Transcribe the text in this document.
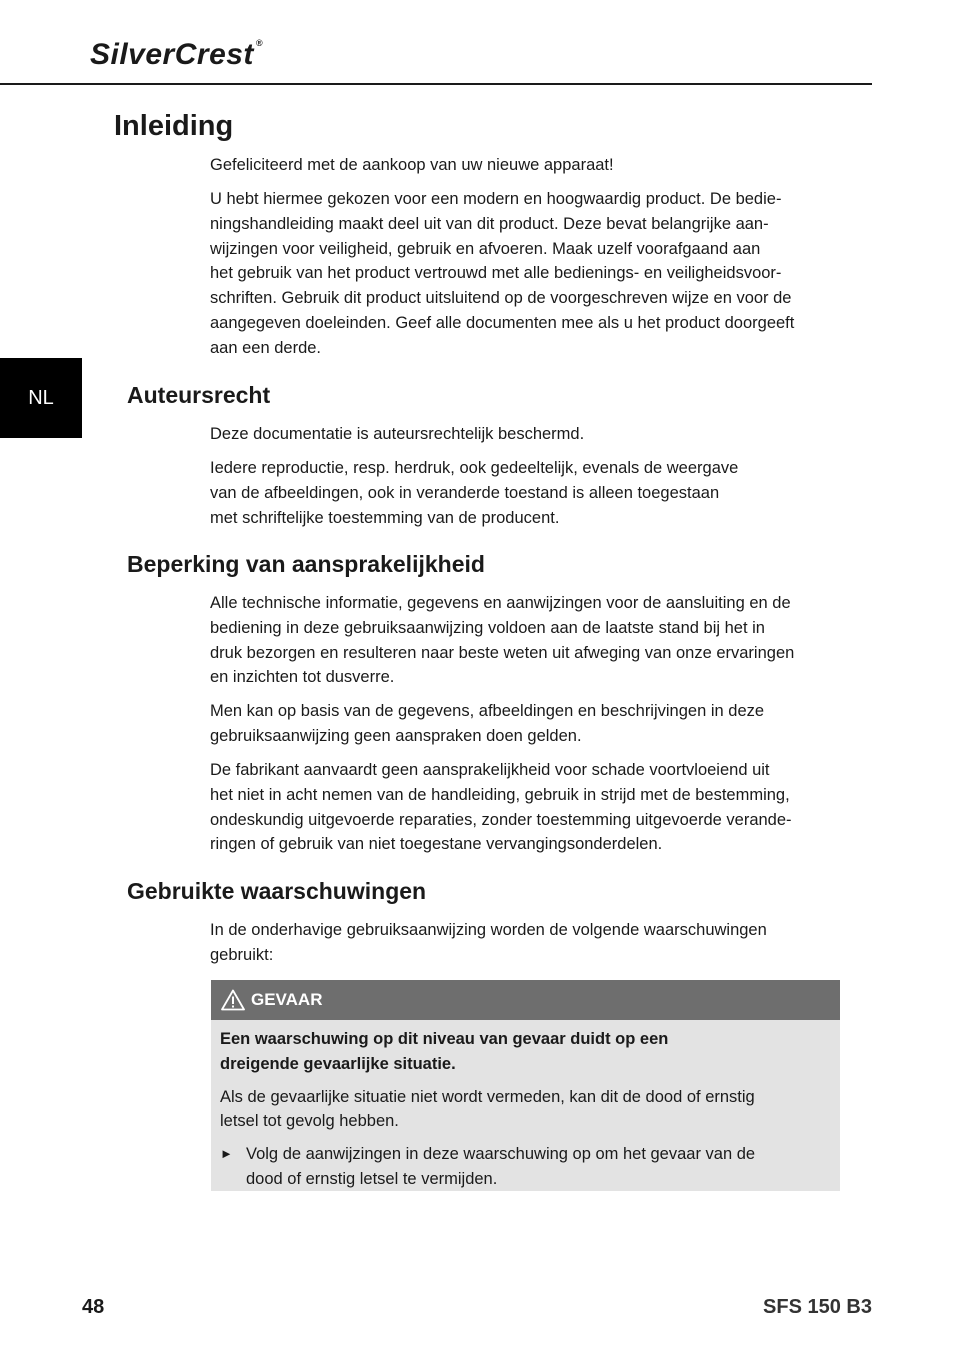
SilverCrest ®
NL
Inleiding

Gefeliciteerd met de aankoop van uw nieuwe apparaat!

U hebt hiermee gekozen voor een modern en hoogwaardig product. De bedie-
ningshandleiding maakt deel uit van dit product. Deze bevat belangrijke aan-
wijzingen voor veiligheid, gebruik en afvoeren. Maak uzelf voorafgaand aan
het gebruik van het product vertrouwd met alle bedienings- en veiligheidsvoor-
schriften. Gebruik dit product uitsluitend op de voorgeschreven wijze en voor de
aangegeven doeleinden. Geef alle documenten mee als u het product doorgeeft
aan een derde.

Auteursrecht

Deze documentatie is auteursrechtelijk beschermd.

Iedere reproductie, resp. herdruk, ook gedeeltelijk, evenals de weergave
van de afbeeldingen, ook in veranderde toestand is alleen toegestaan
met schriftelijke toestemming van de producent.

Beperking van aansprakelijkheid

Alle technische informatie, gegevens en aanwijzingen voor de aansluiting en de
bediening in deze gebruiksaanwijzing voldoen aan de laatste stand bij het in
druk bezorgen en resulteren naar beste weten uit afweging van onze ervaringen
en inzichten tot dusverre.

Men kan op basis van de gegevens, afbeeldingen en beschrijvingen in deze
gebruiksaanwijzing geen aanspraken doen gelden.

De fabrikant aanvaardt geen aansprakelijkheid voor schade voortvloeiend uit
het niet in acht nemen van de handleiding, gebruik in strijd met de bestemming,
ondeskundig uitgevoerde reparaties, zonder toestemming uitgevoerde verande-
ringen of gebruik van niet toegestane vervangingsonderdelen.

Gebruikte waarschuwingen

In de onderhavige gebruiksaanwijzing worden de volgende waarschuwingen
gebruikt:

GEVAAR
Een waarschuwing op dit niveau van gevaar duidt op een
dreigende gevaarlijke situatie.
Als de gevaarlijke situatie niet wordt vermeden, kan dit de dood of ernstig
letsel tot gevolg hebben.
► Volg de aanwijzingen in deze waarschuwing op om het gevaar van de
dood of ernstig letsel te vermijden.
48	SFS 150 B3
